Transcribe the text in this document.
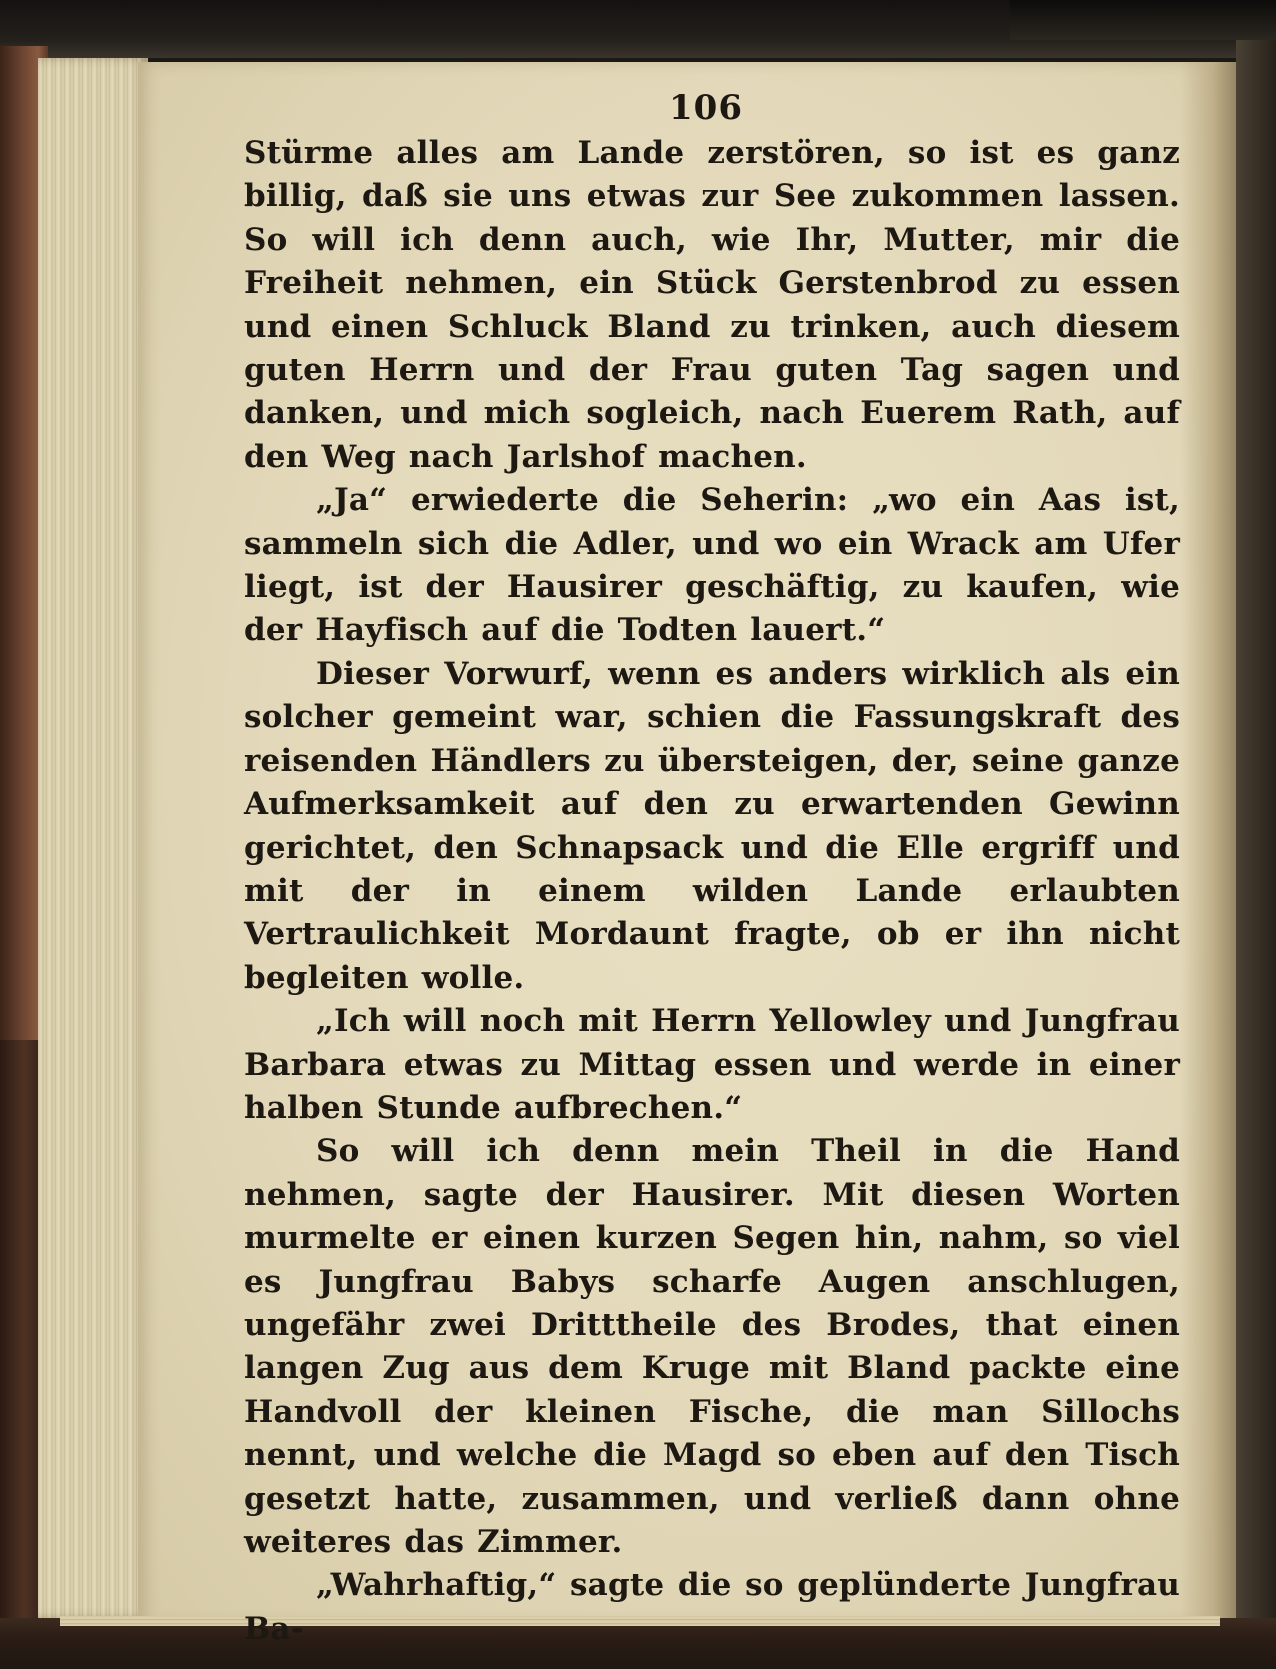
106

Stürme alles am Lande zerstören, so ist es ganz billig, daß sie uns etwas zur See zukommen lassen. So will ich denn auch, wie Ihr, Mutter, mir die Freiheit nehmen, ein Stück Gerstenbrod zu essen und einen Schluck Bland zu trinken, auch diesem guten Herrn und der Frau guten Tag sagen und danken, und mich sogleich, nach Euerem Rath, auf den Weg nach Jarlshof machen.

„Ja“ erwiederte die Seherin: „wo ein Aas ist, sammeln sich die Adler, und wo ein Wrack am Ufer liegt, ist der Hausirer geschäftig, zu kaufen, wie der Hayfisch auf die Todten lauert.“

Dieser Vorwurf, wenn es anders wirklich als ein solcher gemeint war, schien die Fassungskraft des reisenden Händlers zu übersteigen, der, seine ganze Aufmerksamkeit auf den zu erwartenden Gewinn gerichtet, den Schnapsack und die Elle ergriff und mit der in einem wilden Lande erlaubten Vertraulichkeit Mordaunt fragte, ob er ihn nicht begleiten wolle.

„Ich will noch mit Herrn Yellowley und Jungfrau Barbara etwas zu Mittag essen und werde in einer halben Stunde aufbrechen.“

So will ich denn mein Theil in die Hand nehmen, sagte der Hausirer. Mit diesen Worten murmelte er einen kurzen Segen hin, nahm, so viel es Jungfrau Babys scharfe Augen anschlugen, ungefähr zwei Dritttheile des Brodes, that einen langen Zug aus dem Kruge mit Bland packte eine Handvoll der kleinen Fische, die man Sillochs nennt, und welche die Magd so eben auf den Tisch gesetzt hatte, zusammen, und verließ dann ohne weiteres das Zimmer.

„Wahrhaftig,“ sagte die so geplünderte Jungfrau Ba-
